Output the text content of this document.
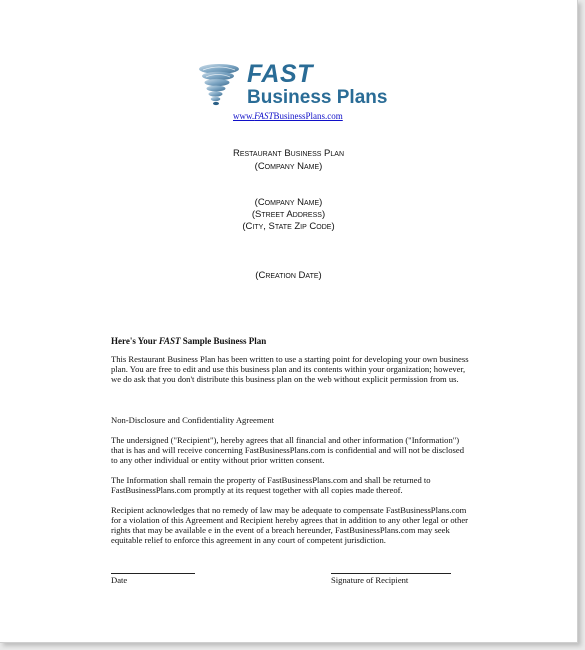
FAST
Business Plans
www.FASTBusinessPlans.com
Restaurant Business Plan
(Company Name)
(Company Name)
(Street Address)
(City, State Zip Code)
(Creation Date)

Here's Your FAST Sample Business Plan

This Restaurant Business Plan has been written to use a starting point for developing your own business plan. You are free to edit and use this business plan and its contents within your organization; however, we do ask that you don't distribute this business plan on the web without explicit permission from us.

Non-Disclosure and Confidentiality Agreement

The undersigned ("Recipient"), hereby agrees that all financial and other information ("Information") that is has and will receive concerning FastBusinessPlans.com is confidential and will not be disclosed to any other individual or entity without prior written consent.

The Information shall remain the property of FastBusinessPlans.com and shall be returned to FastBusinessPlans.com promptly at its request together with all copies made thereof.

Recipient acknowledges that no remedy of law may be adequate to compensate FastBusinessPlans.com for a violation of this Agreement and Recipient hereby agrees that in addition to any other legal or other rights that may be available e in the event of a breach hereunder, FastBusinessPlans.com may seek equitable relief to enforce this agreement in any court of competent jurisdiction.

Date	Signature of Recipient
